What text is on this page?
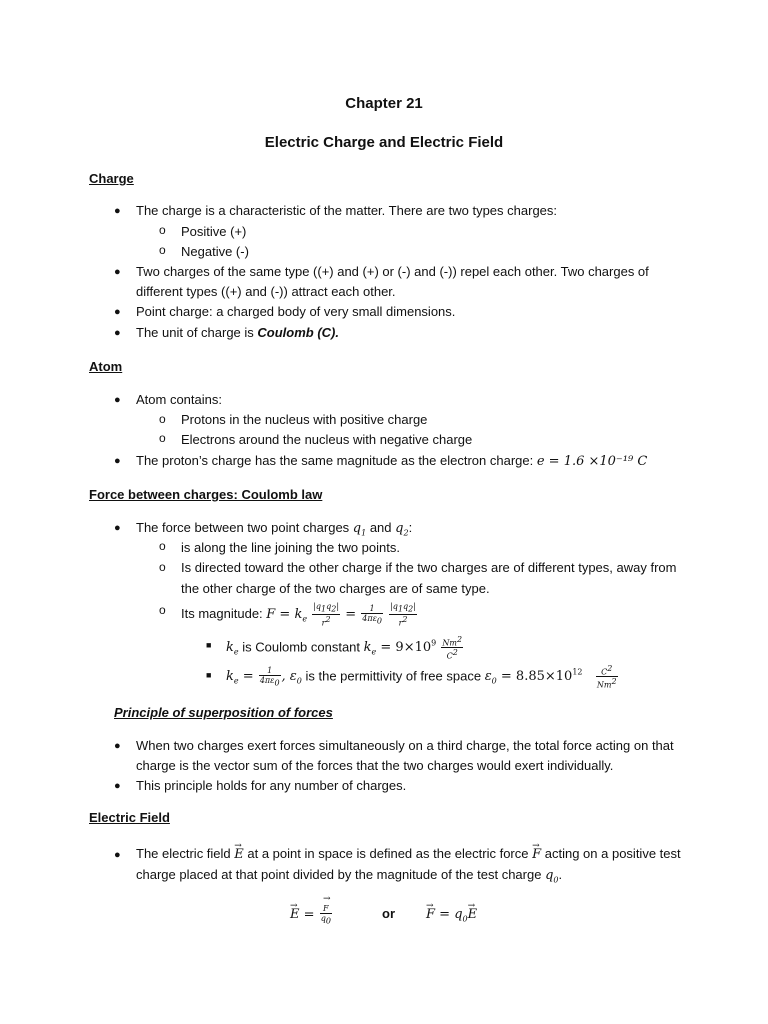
Chapter 21
Electric Charge and Electric Field
Charge
● The charge is a characteristic of the matter. There are two types charges:
o Positive (+)
o Negative (-)
● Two charges of the same type ((+) and (+) or (-) and (-)) repel each other. Two charges of
different types ((+) and (-)) attract each other.
● Point charge: a charged body of very small dimensions.
● The unit of charge is Coulomb (C).
Atom
● Atom contains:
o Protons in the nucleus with positive charge
o Electrons around the nucleus with negative charge
● The proton’s charge has the same magnitude as the electron charge: e = 1.6 ×10⁻¹⁹ C
Force between charges: Coulomb law
● The force between two point charges $q_1$ and $q_2$:
o is along the line joining the two points.
o Is directed toward the other charge if the two charges are of different types, away from
the other charge of the two charges are of same type.
o Its magnitude: $F = k_e \frac{|q_1q_2|}{r^2} = \frac{1}{4\pi\varepsilon_0}$
$\frac{|q_1q_2|}{r^2}$
■ $k_e$ is Coulomb constant $k_e = 9\times 10^9 \frac{Nm^2}{C^2}$
■ $k_e = \frac{1}{4\pi\varepsilon_0}$ , $\varepsilon_0$ is the permittivity of free space $\varepsilon_0 = 8.85\times 10^{12} \frac{C^2}{Nm^2}$
Principle of superposition of forces
● When two charges exert forces simultaneously on a third charge, the total force acting on that
charge is the vector sum of the forces that the two charges would exert individually.
● This principle holds for any number of charges.
Electric Field
● The electric field → E at a point in space is defined as the electric force → F acting on a positive test
charge placed at that point divided by the magnitude of the test charge $q_0$.
→ E = → $\frac{F}{q_0}$	or → $F = q_0\to E$
